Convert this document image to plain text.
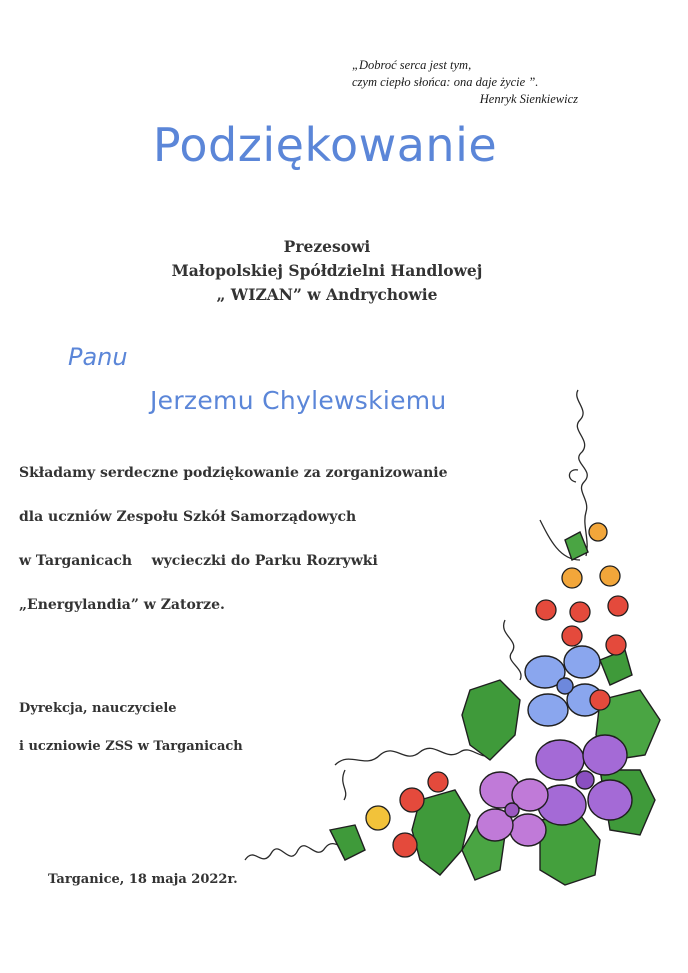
„Dobroć serca jest tym,
czym ciepło słońca: ona daje życie ”.
Henryk Sienkiewicz
Podziękowanie
Prezesowi
Małopolskiej Spółdzielni Handlowej
„ WIZAN” w Andrychowie
Panu
Jerzemu Chylewskiemu
Składamy serdeczne podziękowanie za zorganizowanie
dla uczniów Zespołu Szkół Samorządowych
w Targanicach    wycieczki do Parku Rozrywki
„Energylandia” w Zatorze.
Dyrekcja, nauczyciele
i uczniowie ZSS w Targanicach
Targanice, 18 maja 2022r.
